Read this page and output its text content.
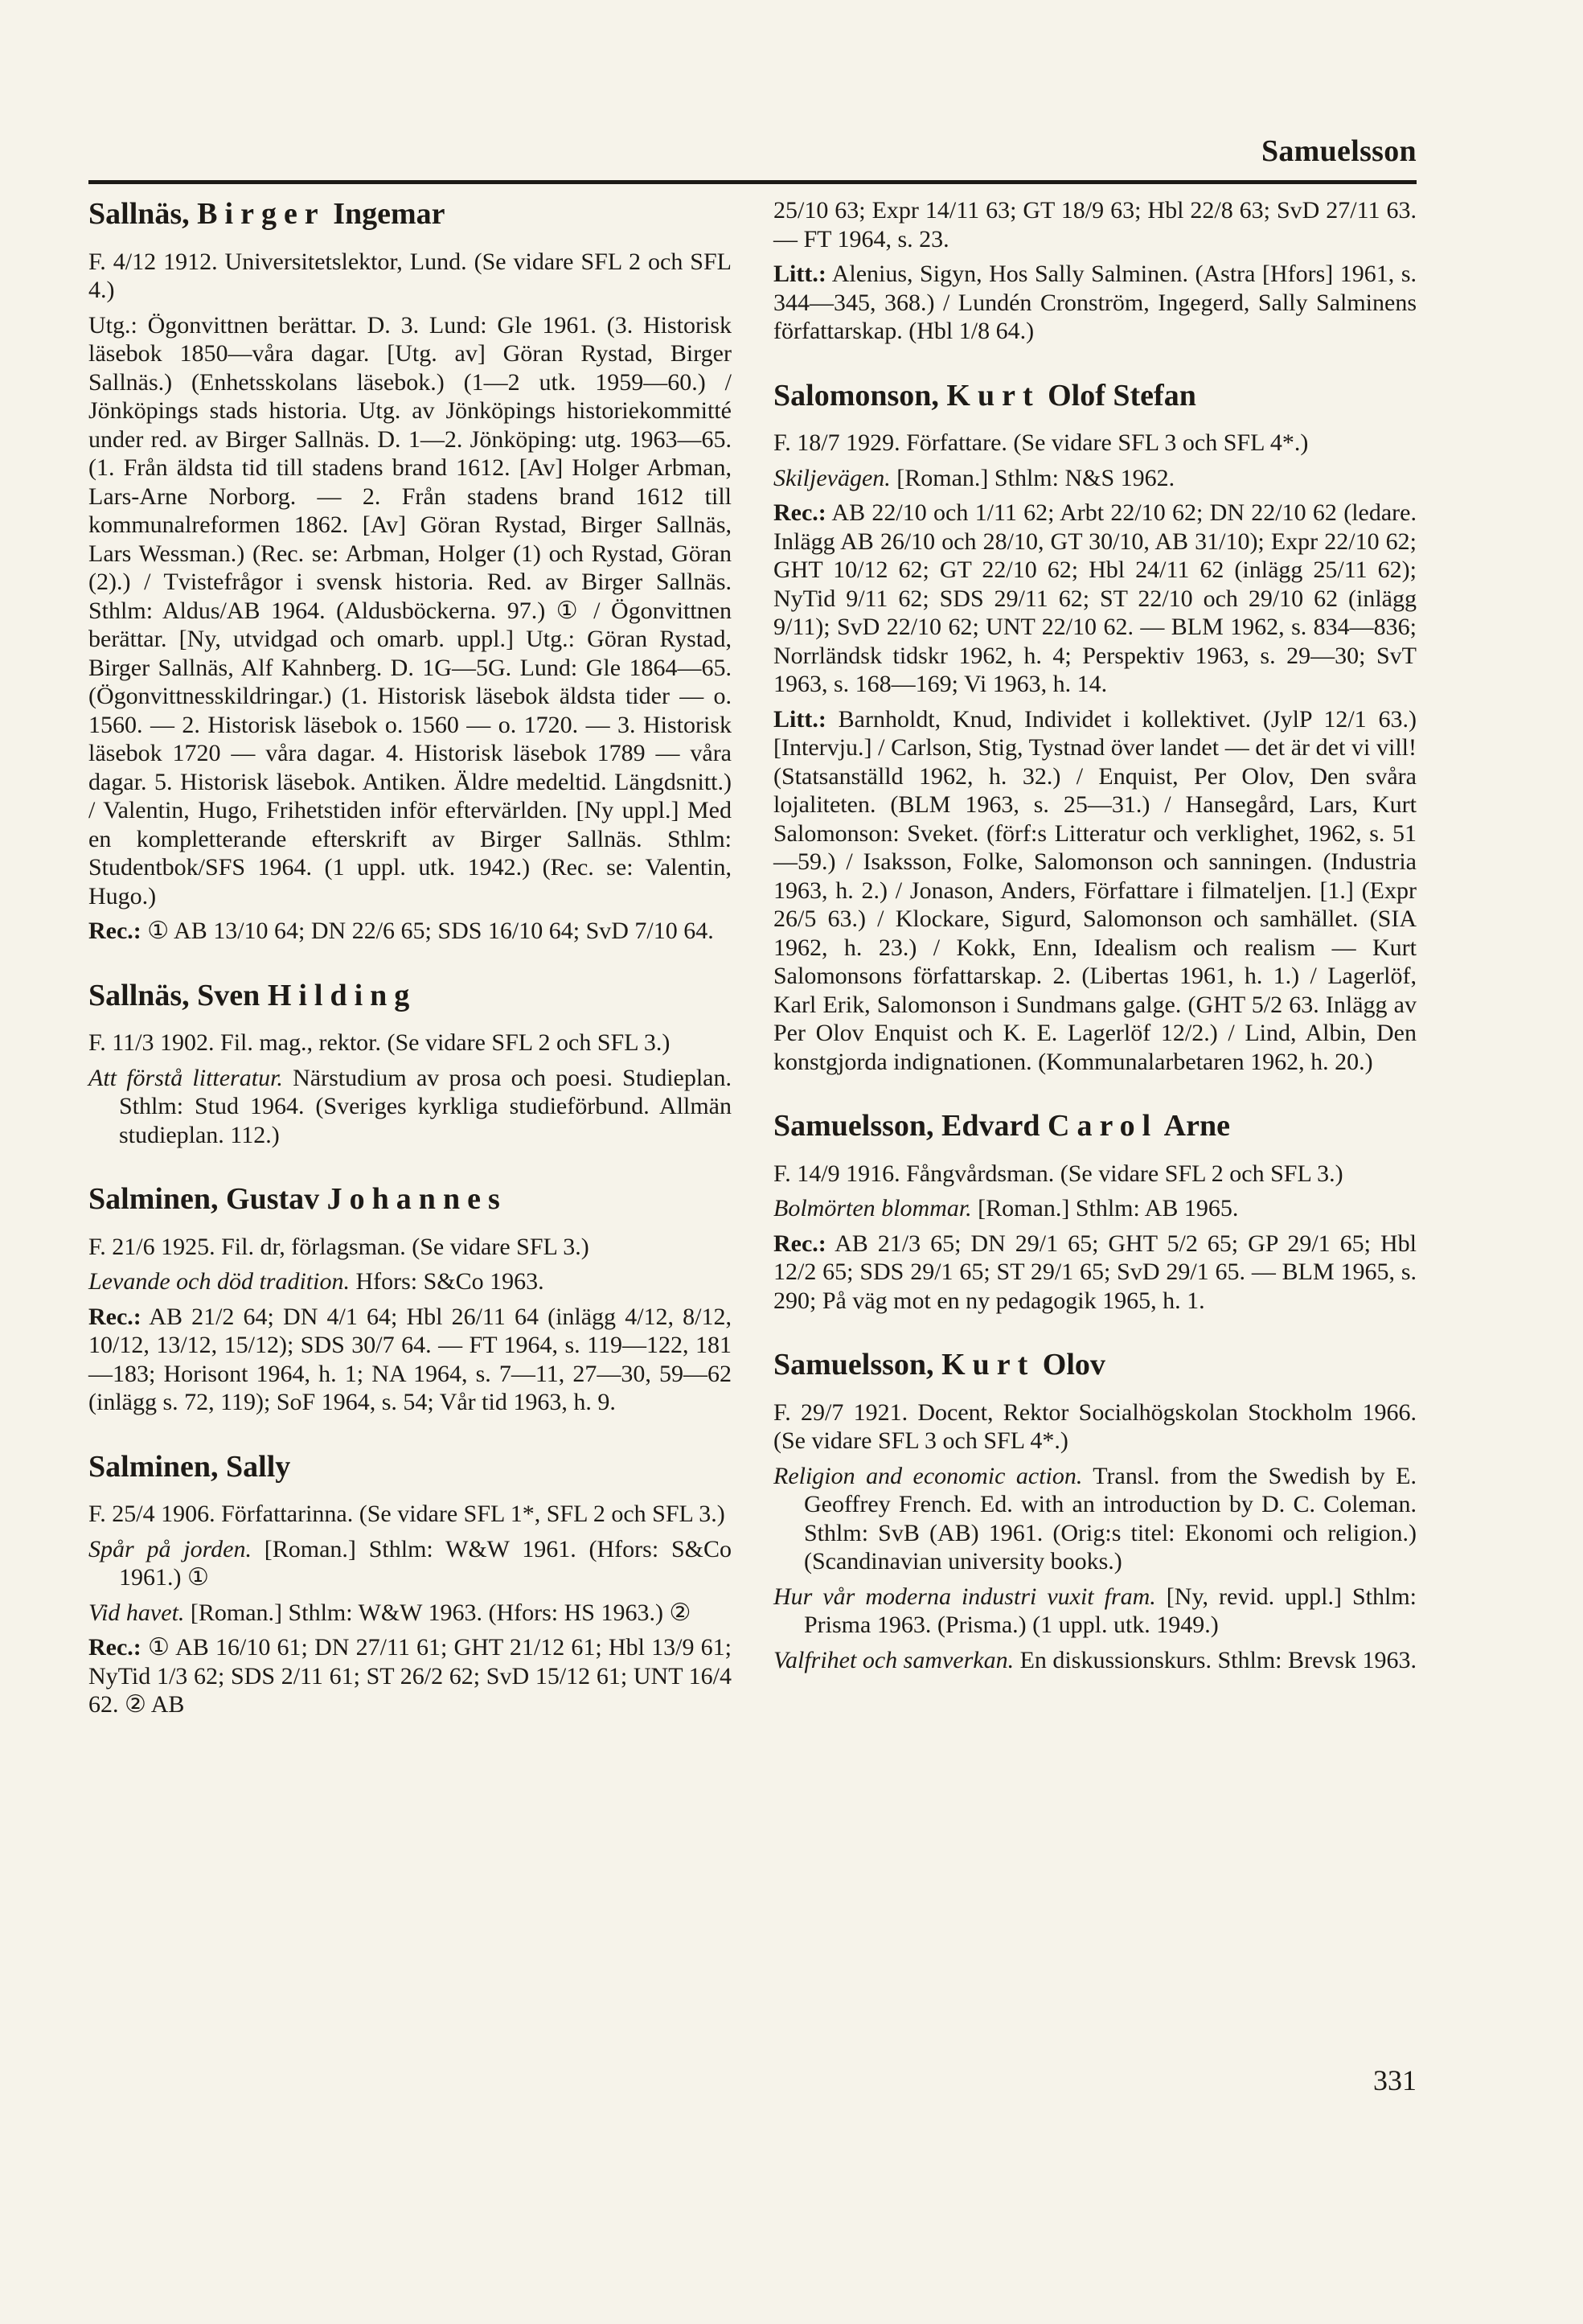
Samuelsson
Sallnäs, Birger Ingemar

F. 4/12 1912. Universitetslektor, Lund. (Se vidare SFL 2 och SFL 4.)

Utg.: Ögonvittnen berättar. D. 3. Lund: Gle 1961. (3. Historisk läsebok 1850—våra dagar. [Utg. av] Göran Rystad, Birger Sallnäs.) (Enhetsskolans läsebok.) (1—2 utk. 1959—60.) / Jönköpings stads historia. Utg. av Jönköpings historiekommitté under red. av Birger Sallnäs. D. 1—2. Jönköping: utg. 1963—65. (1. Från äldsta tid till stadens brand 1612. [Av] Holger Arbman, Lars-Arne Norborg. — 2. Från stadens brand 1612 till kommunalreformen 1862. [Av] Göran Rystad, Birger Sallnäs, Lars Wessman.) (Rec. se: Arbman, Holger (1) och Rystad, Göran (2).) / Tvistefrågor i svensk historia. Red. av Birger Sallnäs. Sthlm: Aldus/AB 1964. (Aldusböckerna. 97.) ① / Ögonvittnen berättar. [Ny, utvidgad och omarb. uppl.] Utg.: Göran Rystad, Birger Sallnäs, Alf Kahnberg. D. 1G—5G. Lund: Gle 1864—65. (Ögonvittnesskildringar.) (1. Historisk läsebok äldsta tider — o. 1560. — 2. Historisk läsebok o. 1560 — o. 1720. — 3. Historisk läsebok 1720 — våra dagar. 4. Historisk läsebok 1789 — våra dagar. 5. Historisk läsebok. Antiken. Äldre medeltid. Längdsnitt.) / Valentin, Hugo, Frihetstiden inför eftervärlden. [Ny uppl.] Med en kompletterande efterskrift av Birger Sallnäs. Sthlm: Studentbok/SFS 1964. (1 uppl. utk. 1942.) (Rec. se: Valentin, Hugo.)

Rec.: ① AB 13/10 64; DN 22/6 65; SDS 16/10 64; SvD 7/10 64.

Sallnäs, Sven Hilding

F. 11/3 1902. Fil. mag., rektor. (Se vidare SFL 2 och SFL 3.)

Att förstå litteratur. Närstudium av prosa och poesi. Studieplan. Sthlm: Stud 1964. (Sveriges kyrkliga studieförbund. Allmän studieplan. 112.)

Salminen, Gustav Johannes

F. 21/6 1925. Fil. dr, förlagsman. (Se vidare SFL 3.)

Levande och död tradition. Hfors: S&Co 1963.

Rec.: AB 21/2 64; DN 4/1 64; Hbl 26/11 64 (inlägg 4/12, 8/12, 10/12, 13/12, 15/12); SDS 30/7 64. — FT 1964, s. 119—122, 181—183; Horisont 1964, h. 1; NA 1964, s. 7—11, 27—30, 59—62 (inlägg s. 72, 119); SoF 1964, s. 54; Vår tid 1963, h. 9.

Salminen, Sally

F. 25/4 1906. Författarinna. (Se vidare SFL 1*, SFL 2 och SFL 3.)

Spår på jorden. [Roman.] Sthlm: W&W 1961. (Hfors: S&Co 1961.) ①

Vid havet. [Roman.] Sthlm: W&W 1963. (Hfors: HS 1963.) ②

Rec.: ① AB 16/10 61; DN 27/11 61; GHT 21/12 61; Hbl 13/9 61; NyTid 1/3 62; SDS 2/11 61; ST 26/2 62; SvD 15/12 61; UNT 16/4 62. ② AB

25/10 63; Expr 14/11 63; GT 18/9 63; Hbl 22/8 63; SvD 27/11 63. — FT 1964, s. 23.

Litt.: Alenius, Sigyn, Hos Sally Salminen. (Astra [Hfors] 1961, s. 344—345, 368.) / Lundén Cronström, Ingegerd, Sally Salminens författarskap. (Hbl 1/8 64.)

Salomonson, Kurt Olof Stefan

F. 18/7 1929. Författare. (Se vidare SFL 3 och SFL 4*.)

Skiljevägen. [Roman.] Sthlm: N&S 1962.

Rec.: AB 22/10 och 1/11 62; Arbt 22/10 62; DN 22/10 62 (ledare. Inlägg AB 26/10 och 28/10, GT 30/10, AB 31/10); Expr 22/10 62; GHT 10/12 62; GT 22/10 62; Hbl 24/11 62 (inlägg 25/11 62); NyTid 9/11 62; SDS 29/11 62; ST 22/10 och 29/10 62 (inlägg 9/11); SvD 22/10 62; UNT 22/10 62. — BLM 1962, s. 834—836; Norrländsk tidskr 1962, h. 4; Perspektiv 1963, s. 29—30; SvT 1963, s. 168—169; Vi 1963, h. 14.

Litt.: Barnholdt, Knud, Individet i kollektivet. (JylP 12/1 63.) [Intervju.] / Carlson, Stig, Tystnad över landet — det är det vi vill! (Statsanställd 1962, h. 32.) / Enquist, Per Olov, Den svåra lojaliteten. (BLM 1963, s. 25—31.) / Hansegård, Lars, Kurt Salomonson: Sveket. (förf:s Litteratur och verklighet, 1962, s. 51—59.) / Isaksson, Folke, Salomonson och sanningen. (Industria 1963, h. 2.) / Jonason, Anders, Författare i filmateljen. [1.] (Expr 26/5 63.) / Klockare, Sigurd, Salomonson och samhället. (SIA 1962, h. 23.) / Kokk, Enn, Idealism och realism — Kurt Salomonsons författarskap. 2. (Libertas 1961, h. 1.) / Lagerlöf, Karl Erik, Salomonson i Sundmans galge. (GHT 5/2 63. Inlägg av Per Olov Enquist och K. E. Lagerlöf 12/2.) / Lind, Albin, Den konstgjorda indignationen. (Kommunalarbetaren 1962, h. 20.)

Samuelsson, Edvard Carol Arne

F. 14/9 1916. Fångvårdsman. (Se vidare SFL 2 och SFL 3.)

Bolmörten blommar. [Roman.] Sthlm: AB 1965.

Rec.: AB 21/3 65; DN 29/1 65; GHT 5/2 65; GP 29/1 65; Hbl 12/2 65; SDS 29/1 65; ST 29/1 65; SvD 29/1 65. — BLM 1965, s. 290; På väg mot en ny pedagogik 1965, h. 1.

Samuelsson, Kurt Olov

F. 29/7 1921. Docent, Rektor Socialhögskolan Stockholm 1966. (Se vidare SFL 3 och SFL 4*.)

Religion and economic action. Transl. from the Swedish by E. Geoffrey French. Ed. with an introduction by D. C. Coleman. Sthlm: SvB (AB) 1961. (Orig:s titel: Ekonomi och religion.) (Scandinavian university books.)

Hur vår moderna industri vuxit fram. [Ny, revid. uppl.] Sthlm: Prisma 1963. (Prisma.) (1 uppl. utk. 1949.)

Valfrihet och samverkan. En diskussionskurs. Sthlm: Brevsk 1963.

331
